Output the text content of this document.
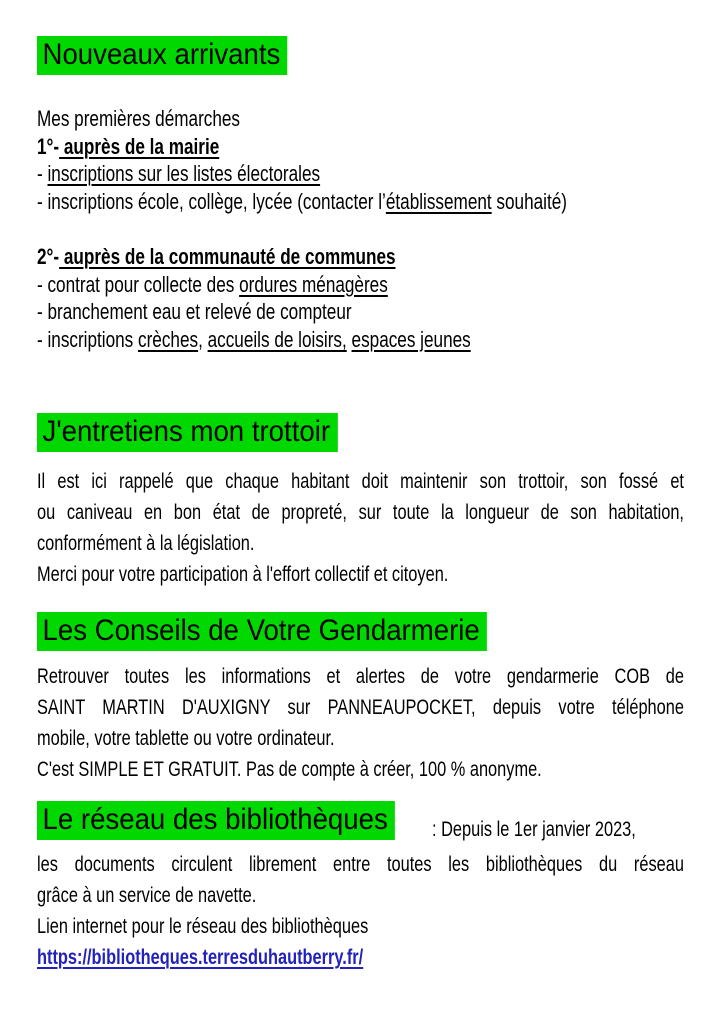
Nouveaux arrivants
Mes premières démarches
1°- auprès de la mairie
- inscriptions sur les listes électorales
- inscriptions école, collège, lycée (contacter l’établissement souhaité)
2°- auprès de la communauté de communes
- contrat pour collecte des ordures ménagères
- branchement eau et relevé de compteur
- inscriptions crèches, accueils de loisirs, espaces jeunes
J'entretiens mon trottoir
Il est ici rappelé que chaque habitant doit maintenir son trottoir, son fossé et
ou caniveau en bon état de propreté, sur toute la longueur de son habitation,
conformément à la législation.
Merci pour votre participation à l'effort collectif et citoyen.
Les Conseils de Votre Gendarmerie
Retrouver toutes les informations et alertes de votre gendarmerie COB de
SAINT MARTIN D'AUXIGNY sur PANNEAUPOCKET, depuis votre téléphone
mobile, votre tablette ou votre ordinateur.
C'est SIMPLE ET GRATUIT. Pas de compte à créer, 100 % anonyme.
Le réseau des bibliothèques	: Depuis le 1er janvier 2023,
les documents circulent librement entre toutes les bibliothèques du réseau
grâce à un service de navette.
Lien internet pour le réseau des bibliothèques
https://bibliotheques.terresduhautberry.fr/
